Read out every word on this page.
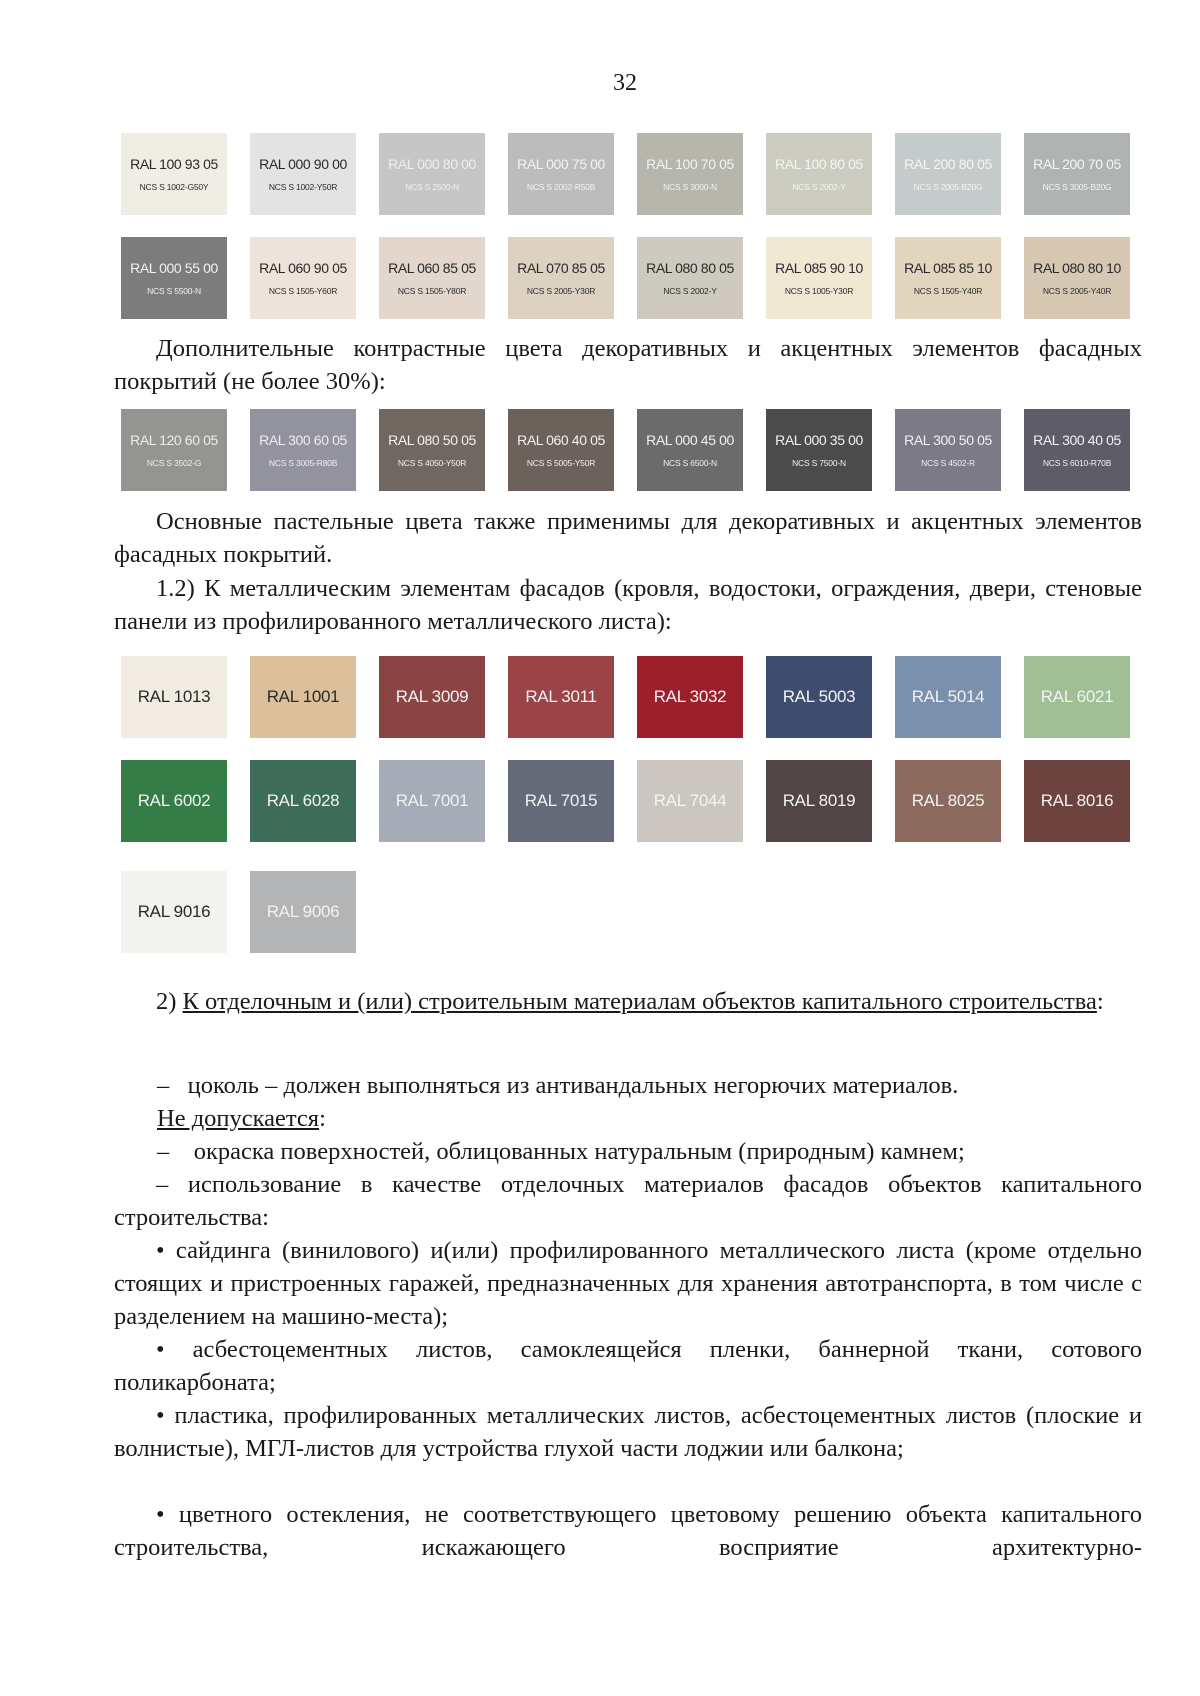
32
RAL 100 93 05
NCS S 1002-G50Y
RAL 000 90 00
NCS S 1002-Y50R
RAL 000 80 00
NCS S 2500-N
RAL 000 75 00
NCS S 2002-R50B
RAL 100 70 05
NCS S 3000-N
RAL 100 80 05
NCS S 2002-Y
RAL 200 80 05
NCS S 2005-B20G
RAL 200 70 05
NCS S 3005-B20G
RAL 000 55 00
NCS S 5500-N
RAL 060 90 05
NCS S 1505-Y60R
RAL 060 85 05
NCS S 1505-Y80R
RAL 070 85 05
NCS S 2005-Y30R
RAL 080 80 05
NCS S 2002-Y
RAL 085 90 10
NCS S 1005-Y30R
RAL 085 85 10
NCS S 1505-Y40R
RAL 080 80 10
NCS S 2005-Y40R
Дополнительные контрастные цвета декоративных и акцентных элементов фасадных покрытий (не более 30%):
RAL 120 60 05
NCS S 3502-G
RAL 300 60 05
NCS S 3005-R80B
RAL 080 50 05
NCS S 4050-Y50R
RAL 060 40 05
NCS S 5005-Y50R
RAL 000 45 00
NCS S 6500-N
RAL 000 35 00
NCS S 7500-N
RAL 300 50 05
NCS S 4502-R
RAL 300 40 05
NCS S 6010-R70B
Основные пастельные цвета также применимы для декоративных и акцентных элементов фасадных покрытий.
1.2) К металлическим элементам фасадов (кровля, водостоки, ограждения, двери, стеновые панели из профилированного металлического листа):
RAL 1013	RAL 1001	RAL 3009	RAL 3011	RAL 3032	RAL 5003	RAL 5014	RAL 6021
RAL 6002	RAL 6028	RAL 7001	RAL 7015	RAL 7044	RAL 8019	RAL 8025	RAL 8016
RAL 9016	RAL 9006
2) К отделочным и (или) строительным материалам объектов капитального строительства:
– цоколь – должен выполняться из антивандальных негорючих материалов.
Не допускается:
– окраска поверхностей, облицованных натуральным (природным) камнем;
– использование в качестве отделочных материалов фасадов объектов капитального строительства:
• сайдинга (винилового) и(или) профилированного металлического листа (кроме отдельно стоящих и пристроенных гаражей, предназначенных для хранения автотранспорта, в том числе с разделением на машино-места);
• асбестоцементных листов, самоклеящейся пленки, баннерной ткани, сотового поликарбоната;
• пластика, профилированных металлических листов, асбестоцементных листов (плоские и волнистые), МГЛ-листов для устройства глухой части лоджии или балкона;
• цветного остекления, не соответствующего цветовому решению объекта капитального строительства, искажающего восприятие архитектурно-
